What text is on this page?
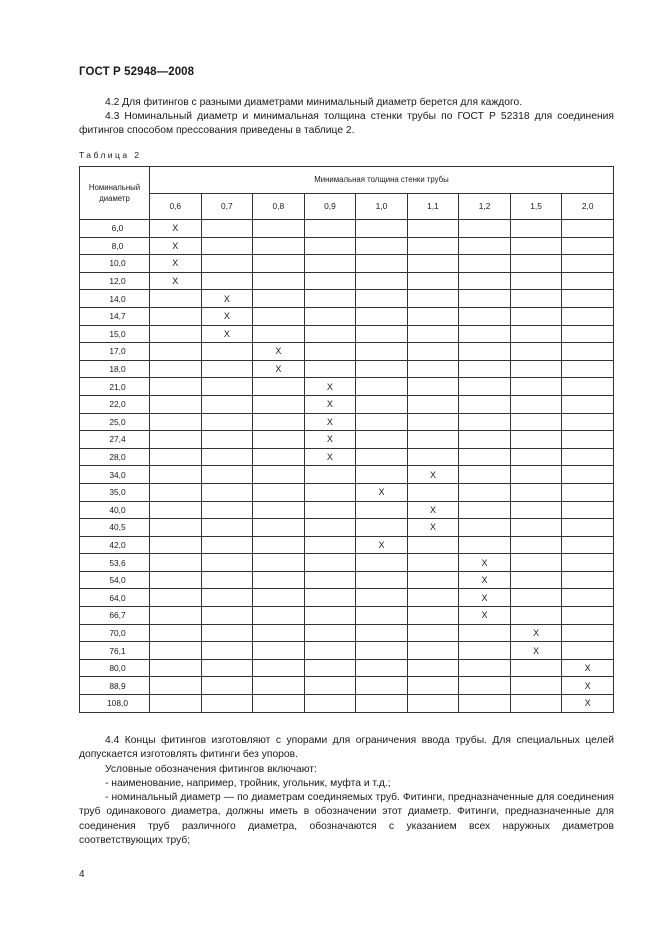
ГОСТ Р 52948—2008
4.2 Для фитингов с разными диаметрами минимальный диаметр берется для каждого.
4.3 Номинальный диаметр и минимальная толщина стенки трубы по ГОСТ Р 52318 для соединения фитингов способом прессования приведены в таблице 2.
Таблица 2
Номинальный диаметр	Минимальная толщина стенки трубы								
	0,6	0,7	0,8	0,9	1,0	1,1	1,2	1,5	2,0
6,0	X								
8,0	X								
10,0	X								
12,0	X								
14,0		X							
14,7		X							
15,0		X							
17,0			X						
18,0			X						
21,0				X					
22,0				X					
25,0				X					
27,4				X					
28,0				X					
34,0						X			
35,0					X				
40,0						X			
40,5						X			
42,0					X				
53,6							X		
54,0							X		
64,0							X		
66,7							X		
70,0								X	
76,1								X	
80,0									X
88,9									X
108,0									X

4.4 Концы фитингов изготовляют с упорами для ограничения ввода трубы. Для специальных целей допускается изготовлять фитинги без упоров.

Условные обозначения фитингов включают:

- наименование, например, тройник, угольник, муфта и т.д.;

- номинальный диаметр — по диаметрам соединяемых труб. Фитинги, предназначенные для соединения труб одинакового диаметра, должны иметь в обозначении этот диаметр. Фитинги, предназначенные для соединения труб различного диаметра, обозначаются с указанием всех наружных диаметров соответствующих труб;

4
